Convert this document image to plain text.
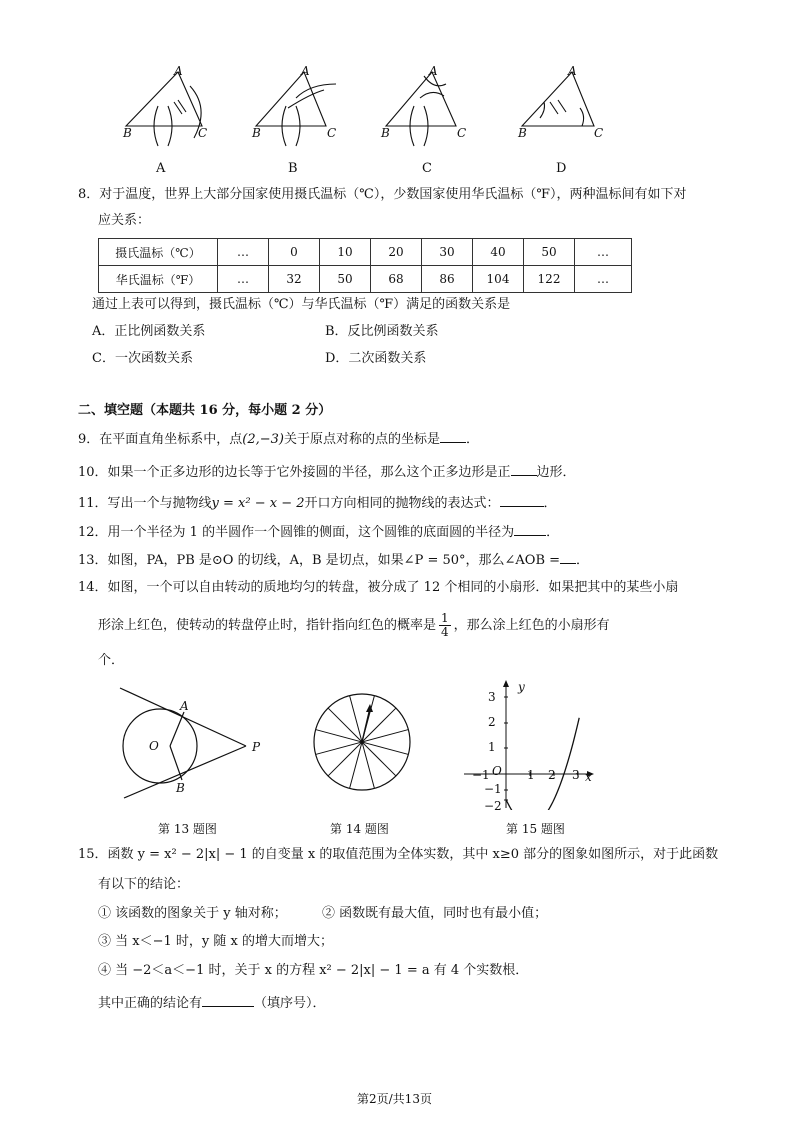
A
B	C
A
B	C
A
B	C
A
B	C
A	B	C	D
8．对于温度，世界上大部分国家使用摄氏温标（℃），少数国家使用华氏温标（℉），两种温标间有如下对
应关系：
摄氏温标（℃）	…	0	10	20	30	40	50	…
华氏温标（℉）	…	32	50	68	86	104	122	…
通过上表可以得到，摄氏温标（℃）与华氏温标（℉）满足的函数关系是
A．正比例函数关系	B．反比例函数关系
C．一次函数关系	D．二次函数关系
二、填空题（本题共 16 分，每小题 2 分）
9．在平面直角坐标系中，点(2,−3)关于原点对称的点的坐标是 ．
10．如果一个正多边形的边长等于它外接圆的半径，那么这个正多边形是正 边形．
11．写出一个与抛物线y = x² − x − 2开口方向相同的抛物线的表达式：	．
12．用一个半径为 1 的半圆作一个圆锥的侧面，这个圆锥的底面圆的半径为 ．
13．如图，PA，PB 是⊙O 的切线，A，B 是切点，如果∠P = 50°，那么∠AOB = ．
14．如图，一个可以自由转动的质地均匀的转盘，被分成了 12 个相同的小扇形．如果把其中的某些小扇
形涂上红色，使转动的转盘停止时，指针指向红色的概率是 $\frac{1}{4}$ ，那么涂上红色的小扇形有
个．
A
O	P
B
第 13 题图	第 14 题图
y
x
O
3
2
1
−1
−2
−1	1 2 3
第 15 题图
15．函数 y = x² − 2|x| − 1 的自变量 x 的取值范围为全体实数，其中 x≥0 部分的图象如图所示，对于此函数
有以下的结论：
① 该函数的图象关于 y 轴对称；	② 函数既有最大值，同时也有最小值；
③ 当 x＜−1 时，y 随 x 的增大而增大；
④ 当 −2＜a＜−1 时，关于 x 的方程 x² − 2|x| − 1 = a 有 4 个实数根．
其中正确的结论有	（填序号）．
第2页/共13页
